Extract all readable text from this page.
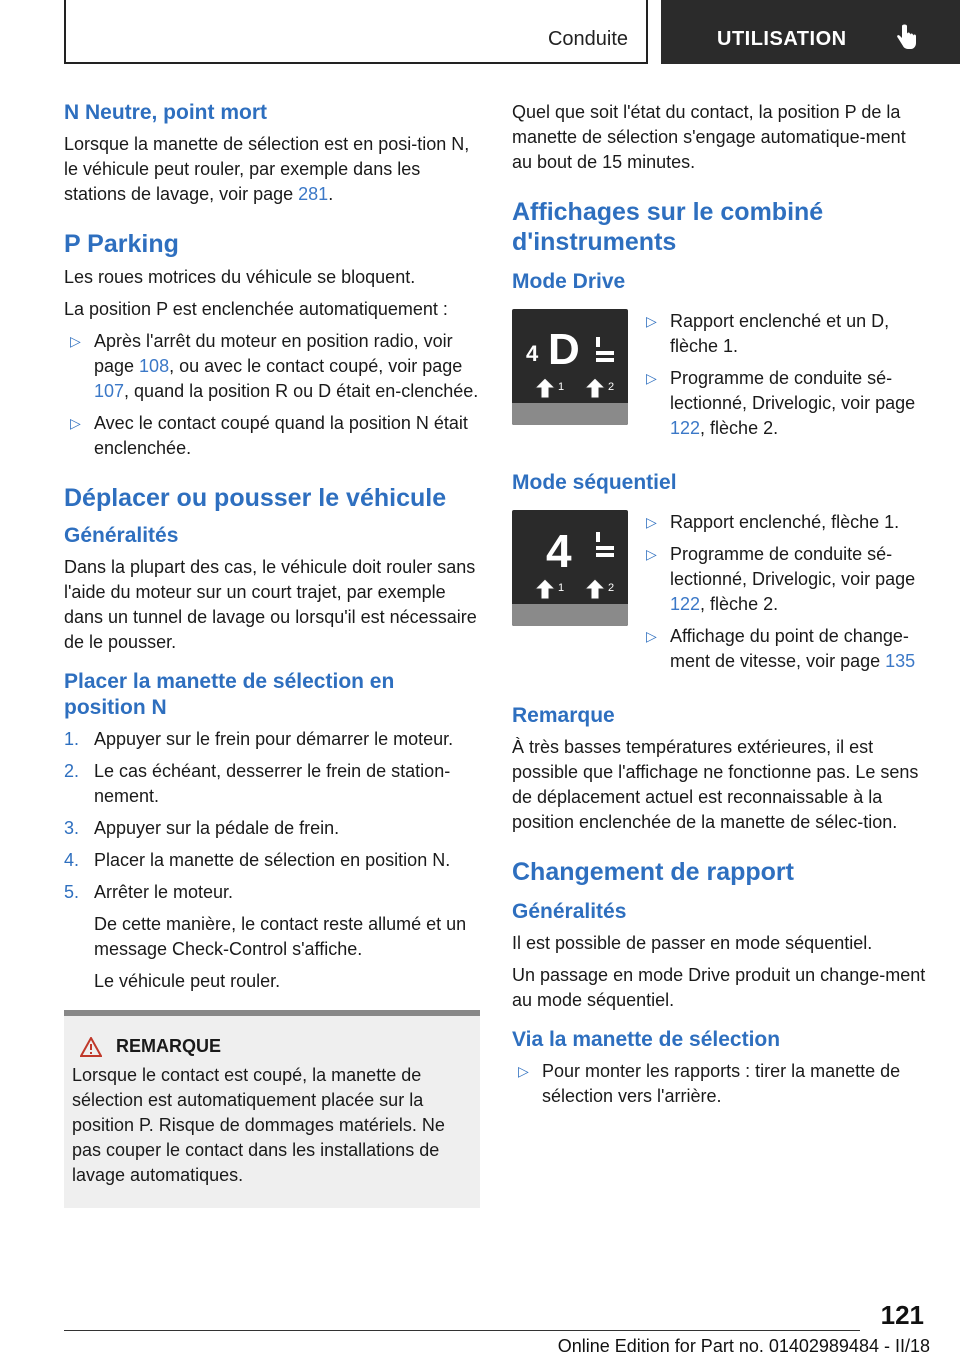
Conduite	UTILISATION
N Neutre, point mort

Lorsque la manette de sélection est en posi‐tion N, le véhicule peut rouler, par exemple dans les stations de lavage, voir page 281.

P Parking

Les roues motrices du véhicule se bloquent.

La position P est enclenchée automatiquement :

▷ Après l'arrêt du moteur en position radio, voir page 108, ou avec le contact coupé, voir page 107, quand la position R ou D était en‐clenchée.
▷ Avec le contact coupé quand la position N était enclenchée.
Déplacer ou pousser le véhicule
Généralités

Dans la plupart des cas, le véhicule doit rouler sans l'aide du moteur sur un court trajet, par exemple dans un tunnel de lavage ou lorsqu'il est nécessaire de le pousser.

Placer la manette de sélection en position N
1. Appuyer sur le frein pour démarrer le moteur.
2. Le cas échéant, desserrer le frein de station‐nement.
3. Appuyer sur la pédale de frein.
4. Placer la manette de sélection en position N.
5. Arrêter le moteur.

De cette manière, le contact reste allumé et un message Check-Control s'affiche.

Le véhicule peut rouler.

REMARQUE

Lorsque le contact est coupé, la manette de sélection est automatiquement placée sur la position P. Risque de dommages matériels. Ne pas couper le contact dans les installations de lavage automatiques.

Quel que soit l'état du contact, la position P de la manette de sélection s'engage automatique‐ment au bout de 15 minutes.

Affichages sur le combiné d'instruments
Mode Drive
4 D
1	2
▷ Rapport enclenché et un D, flèche 1.
▷ Programme de conduite sé‐lectionné, Drivelogic, voir page 122, flèche 2.
Mode séquentiel
4
1	2
▷ Rapport enclenché, flèche 1.
▷ Programme de conduite sé‐lectionné, Drivelogic, voir page 122, flèche 2.
▷ Affichage du point de change‐ment de vitesse, voir page 135
Remarque

À très basses températures extérieures, il est possible que l'affichage ne fonctionne pas. Le sens de déplacement actuel est reconnaissable à la position enclenchée de la manette de sélec‐tion.

Changement de rapport
Généralités

Il est possible de passer en mode séquentiel.

Un passage en mode Drive produit un change‐ment au mode séquentiel.

Via la manette de sélection
▷ Pour monter les rapports : tirer la manette de sélection vers l'arrière.
121
Online Edition for Part no. 01402989484 - II/18
